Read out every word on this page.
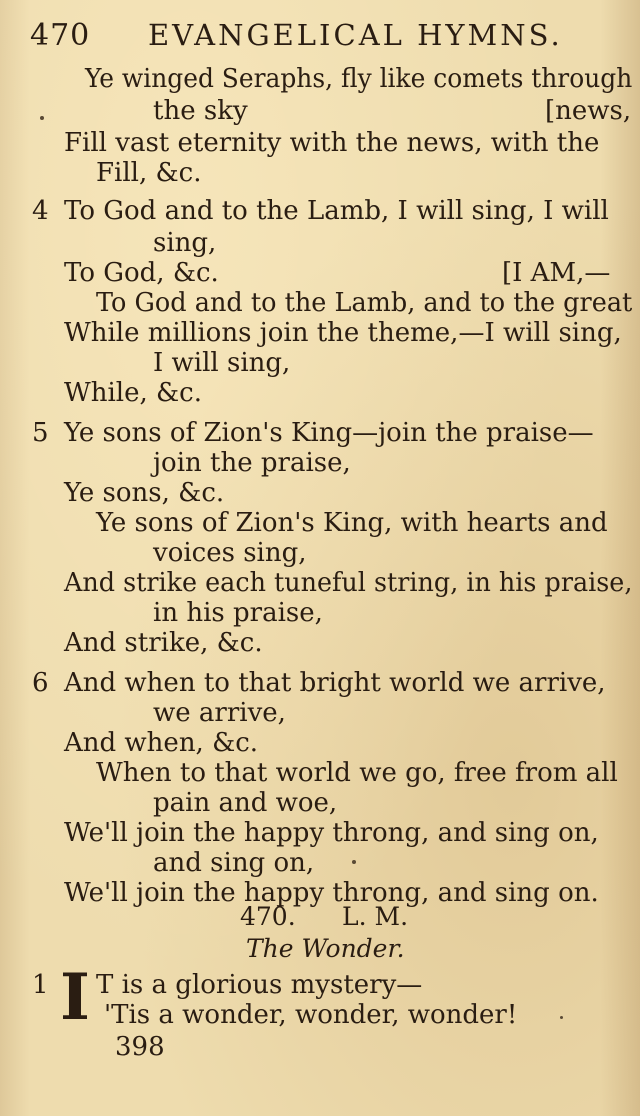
470 EVANGELICAL HYMNS.
Ye winged Seraphs, fly like comets through
the sky	[news,
Fill vast eternity with the news, with the
Fill, &c.
4 To God and to the Lamb, I will sing, I will
sing,
To God, &c.	[I AM,—
To God and to the Lamb, and to the great
While millions join the theme,—I will sing,
I will sing,
While, &c.
5 Ye sons of Zion's King—join the praise—
join the praise,
Ye sons, &c.
Ye sons of Zion's King, with hearts and
voices sing,
And strike each tuneful string, in his praise,
in his praise,
And strike, &c.
6 And when to that bright world we arrive,
we arrive,
And when, &c.
When to that world we go, free from all
pain and woe,
We'll join the happy throng, and sing on,
and sing on,
We'll join the happy throng, and sing on.
470. L. M.
The Wonder.
1 I T is a glorious mystery—
'Tis a wonder, wonder, wonder!
398
